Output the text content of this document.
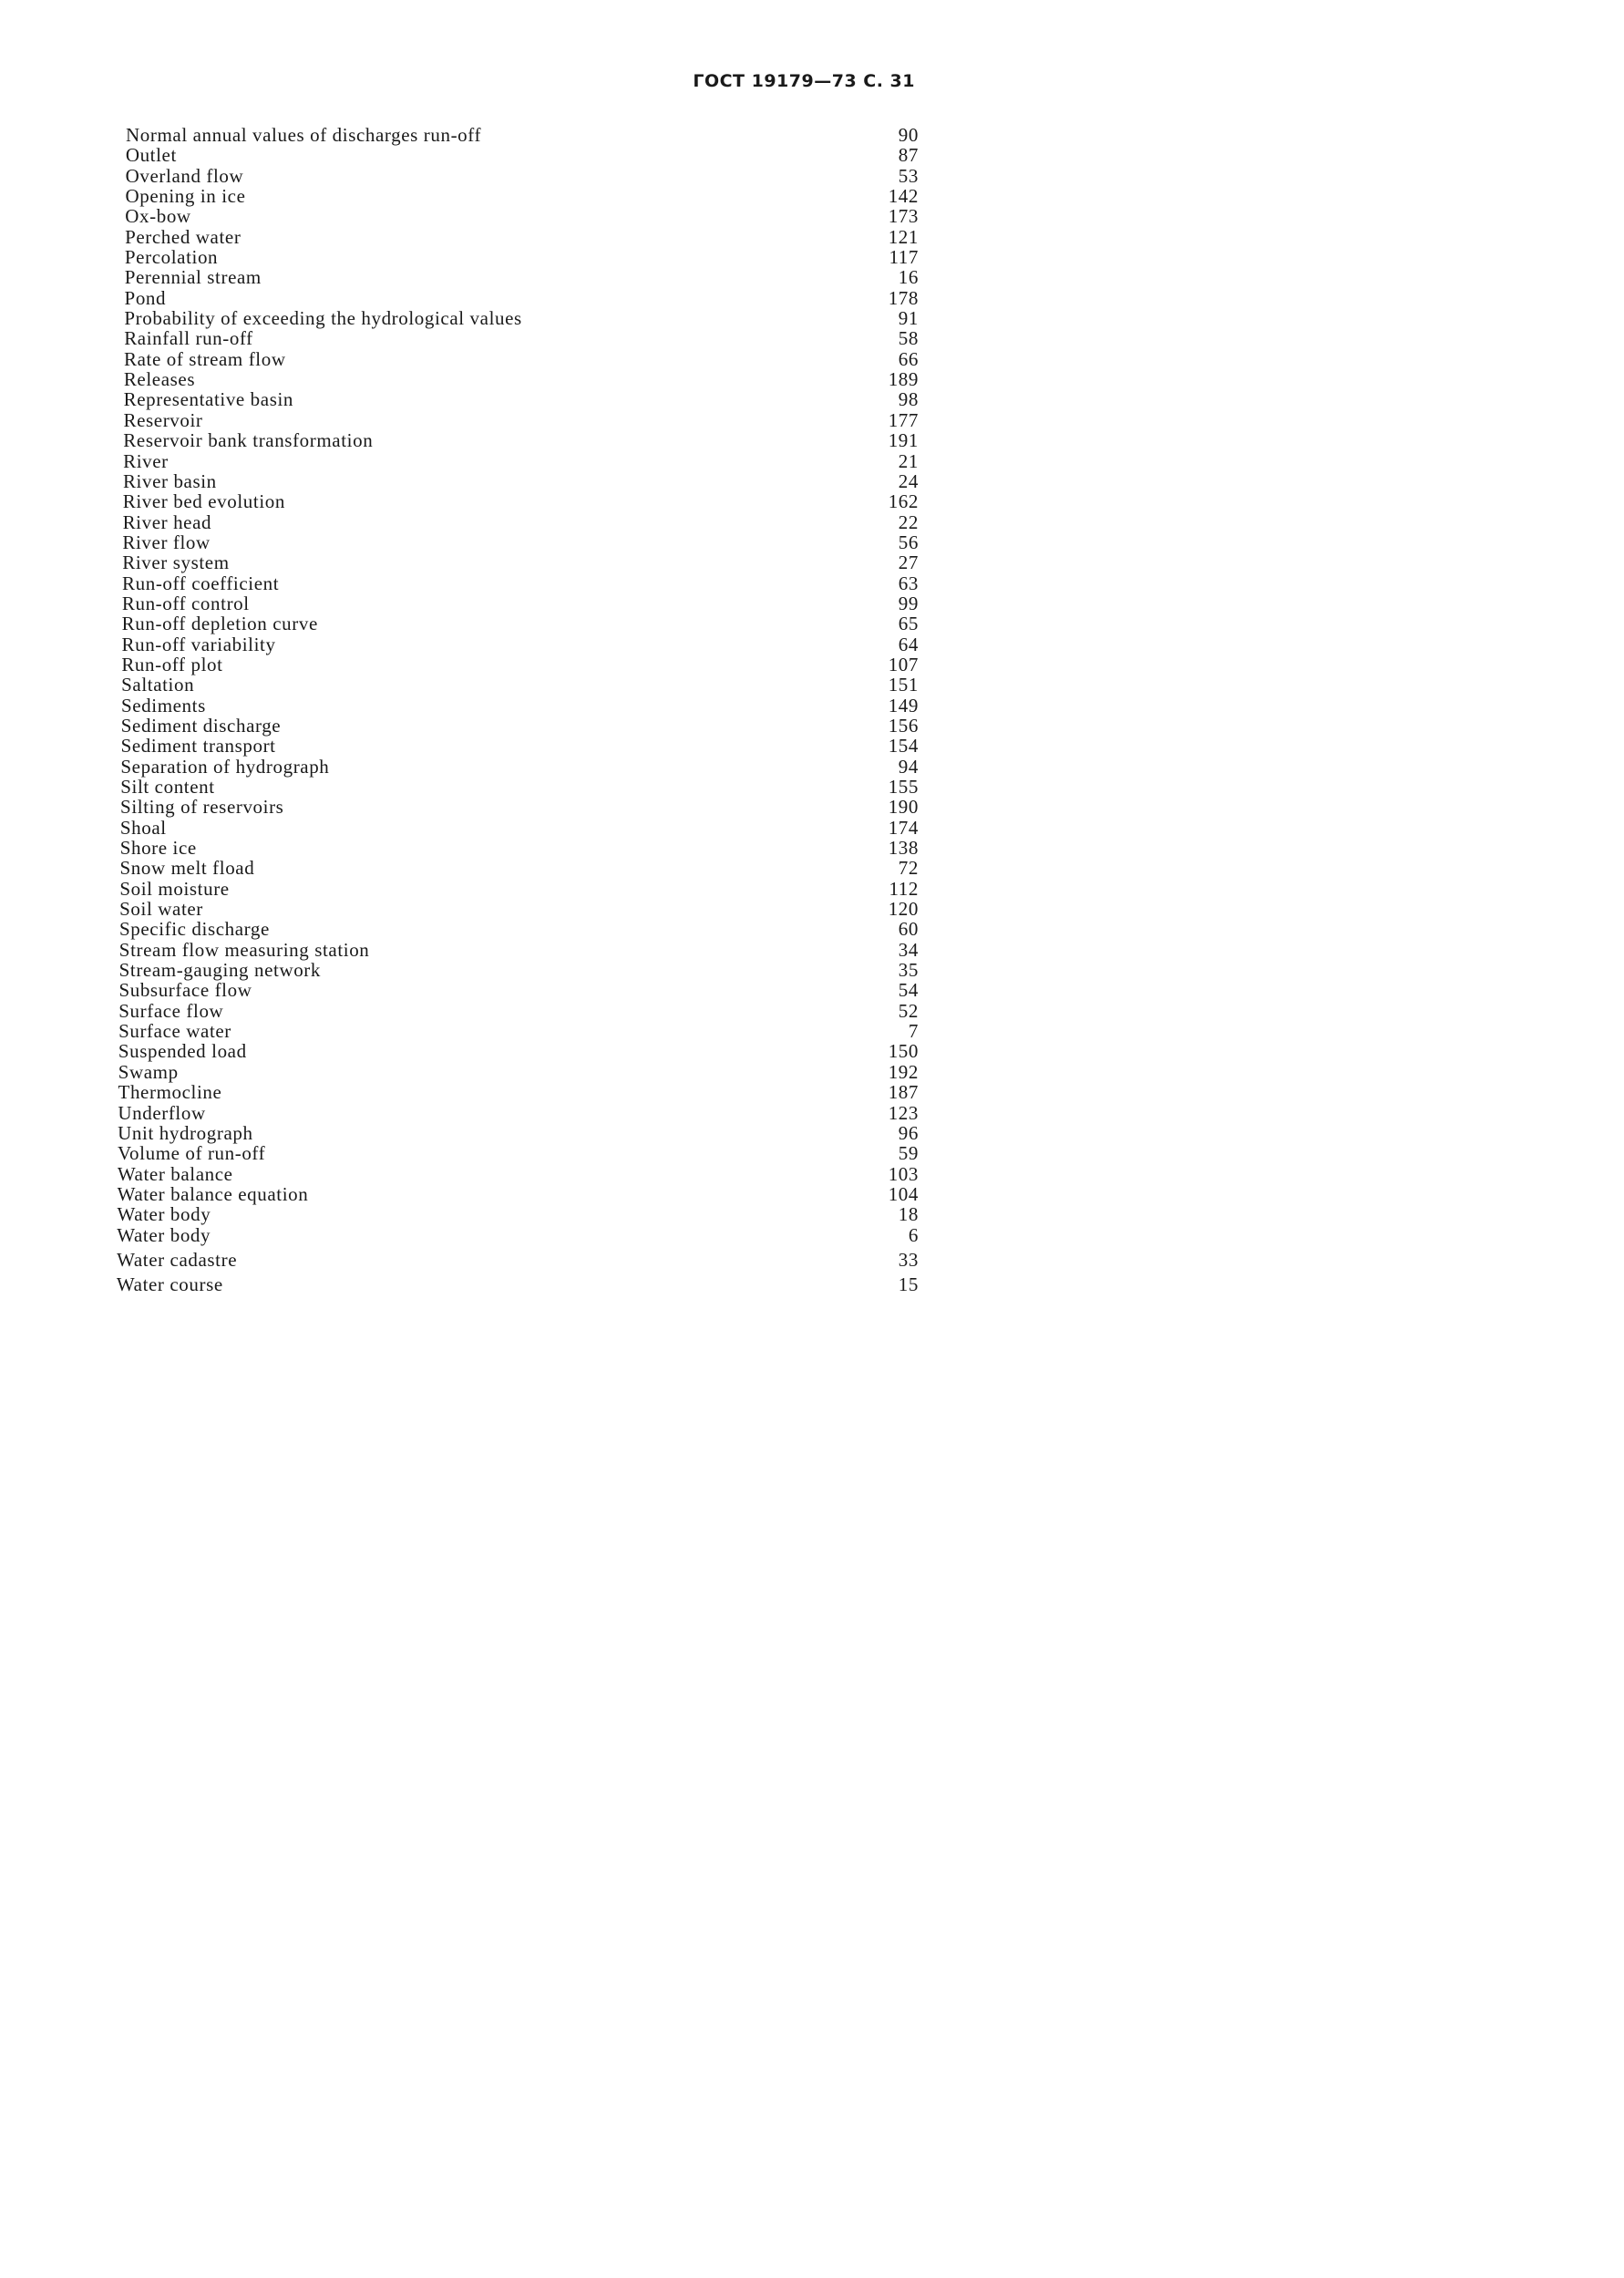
ГОСТ 19179—73 С. 31
Normal annual values of discharges run-off	90
Outlet	87
Overland flow	53
Opening in ice	142
Ox-bow	173
Perched water	121
Percolation	117
Perennial stream	16
Pond	178
Probability of exceeding the hydrological values	91
Rainfall run-off	58
Rate of stream flow	66
Releases	189
Representative basin	98
Reservoir	177
Reservoir bank transformation	191
River	21
River basin	24
River bed evolution	162
River head	22
River flow	56
River system	27
Run-off coefficient	63
Run-off control	99
Run-off depletion curve	65
Run-off variability	64
Run-off plot	107
Saltation	151
Sediments	149
Sediment discharge	156
Sediment transport	154
Separation of hydrograph	94
Silt content	155
Silting of reservoirs	190
Shoal	174
Shore ice	138
Snow melt fload	72
Soil moisture	112
Soil water	120
Specific discharge	60
Stream flow measuring station	34
Stream-gauging network	35
Subsurface flow	54
Surface flow	52
Surface water	7
Suspended load	150
Swamp	192
Thermocline	187
Underflow	123
Unit hydrograph	96
Volume of run-off	59
Water balance	103
Water balance equation	104
Water body	18
Water body	6
Water cadastre	33
Water course	15
